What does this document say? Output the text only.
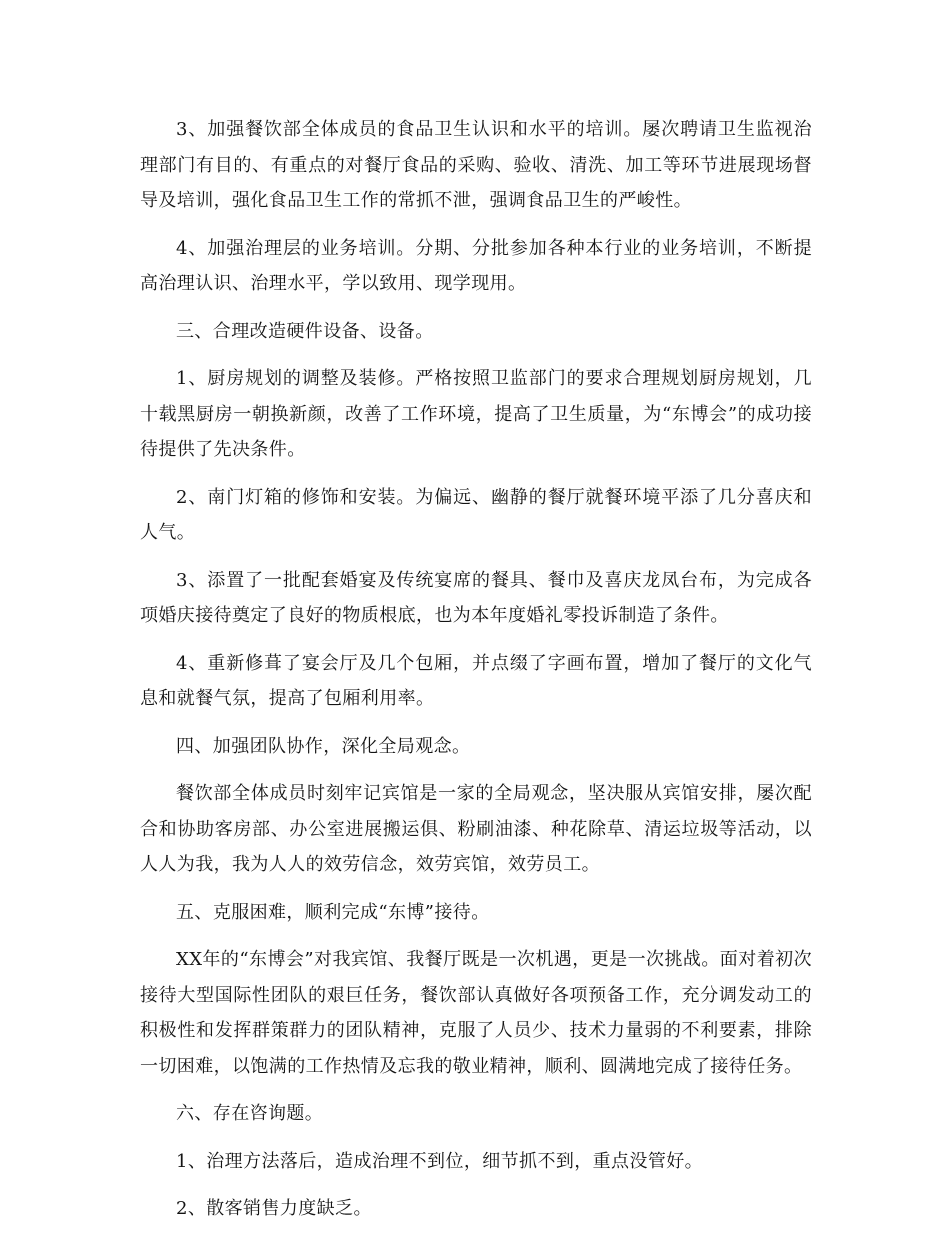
3、加强餐饮部全体成员的食品卫生认识和水平的培训。屡次聘请卫生监视治理部门有目的、有重点的对餐厅食品的采购、验收、清洗、加工等环节进展现场督导及培训，强化食品卫生工作的常抓不泄，强调食品卫生的严峻性。

4、加强治理层的业务培训。分期、分批参加各种本行业的业务培训，不断提高治理认识、治理水平，学以致用、现学现用。

三、合理改造硬件设备、设备。

1、厨房规划的调整及装修。严格按照卫监部门的要求合理规划厨房规划，几十载黑厨房一朝换新颜，改善了工作环境，提高了卫生质量，为“东博会”的成功接待提供了先决条件。

2、南门灯箱的修饰和安装。为偏远、幽静的餐厅就餐环境平添了几分喜庆和人气。

3、添置了一批配套婚宴及传统宴席的餐具、餐巾及喜庆龙凤台布，为完成各项婚庆接待奠定了良好的物质根底，也为本年度婚礼零投诉制造了条件。

4、重新修葺了宴会厅及几个包厢，并点缀了字画布置，增加了餐厅的文化气息和就餐气氛，提高了包厢利用率。

四、加强团队协作，深化全局观念。

餐饮部全体成员时刻牢记宾馆是一家的全局观念，坚决服从宾馆安排，屡次配合和协助客房部、办公室进展搬运俱、粉刷油漆、种花除草、清运垃圾等活动，以人人为我，我为人人的效劳信念，效劳宾馆，效劳员工。

五、克服困难，顺利完成“东博”接待。

XX年的“东博会”对我宾馆、我餐厅既是一次机遇，更是一次挑战。面对着初次接待大型国际性团队的艰巨任务，餐饮部认真做好各项预备工作，充分调发动工的积极性和发挥群策群力的团队精神，克服了人员少、技术力量弱的不利要素，排除一切困难，以饱满的工作热情及忘我的敬业精神，顺利、圆满地完成了接待任务。

六、存在咨询题。

1、治理方法落后，造成治理不到位，细节抓不到，重点没管好。

2、散客销售力度缺乏。
